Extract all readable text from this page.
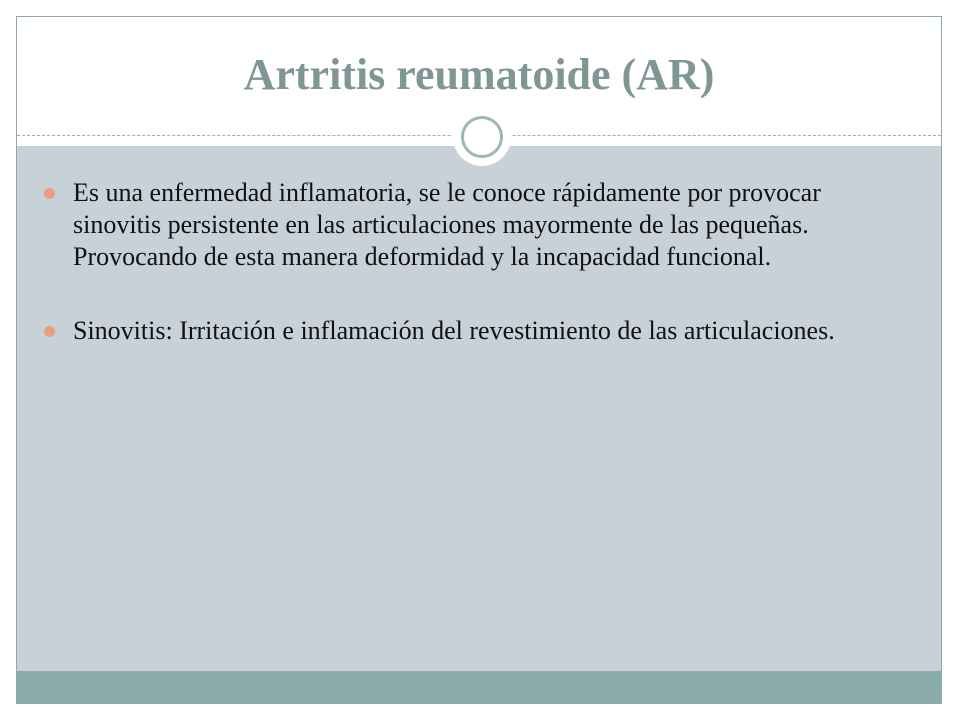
Artritis reumatoide (AR)
Es una enfermedad inflamatoria, se le conoce rápidamente por provocar sinovitis persistente en las articulaciones mayormente de las pequeñas. Provocando de esta manera deformidad y la incapacidad funcional.
Sinovitis: Irritación e inflamación del revestimiento de las articulaciones.
